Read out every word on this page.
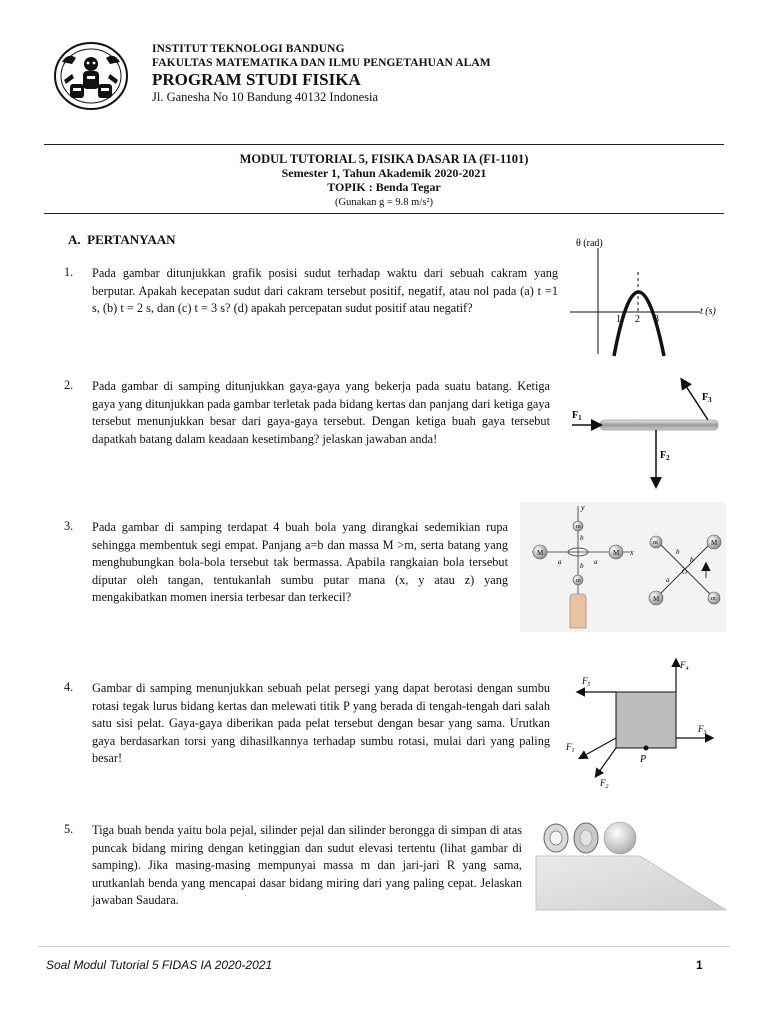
INSTITUT TEKNOLOGI BANDUNG
FAKULTAS MATEMATIKA DAN ILMU PENGETAHUAN ALAM
PROGRAM STUDI FISIKA
Jl. Ganesha No 10 Bandung 40132 Indonesia
MODUL TUTORIAL 5, FISIKA DASAR IA (FI-1101)
Semester 1, Tahun Akademik 2020-2021
TOPIK : Benda Tegar
(Gunakan g = 9.8 m/s²)
A. PERTANYAAN
1. Pada gambar ditunjukkan grafik posisi sudut terhadap waktu dari sebuah cakram yang berputar. Apakah kecepatan sudut dari cakram tersebut positif, negatif, atau nol pada (a) t =1 s, (b) t = 2 s, dan (c) t = 3 s? (d) apakah percepatan sudut positif atau negatif?
2. Pada gambar di samping ditunjukkan gaya-gaya yang bekerja pada suatu batang. Ketiga gaya yang ditunjukkan pada gambar terletak pada bidang kertas dan panjang dari ketiga gaya tersebut menunjukkan besar dari gaya-gaya tersebut. Dengan ketiga buah gaya tersebut dapatkah batang dalam keadaan kesetimbang? jelaskan jawaban anda!
3. Pada gambar di samping terdapat 4 buah bola yang dirangkai sedemikian rupa sehingga membentuk segi empat. Panjang a=b dan massa M >m, serta batang yang menghubungkan bola-bola tersebut tak bermassa. Apabila rangkaian bola tersebut diputar oleh tangan, tentukanlah sumbu putar mana (x, y atau z) yang mengakibatkan momen inersia terbesar dan terkecil?
4. Gambar di samping menunjukkan sebuah pelat persegi yang dapat berotasi dengan sumbu rotasi tegak lurus bidang kertas dan melewati titik P yang berada di tengah-tengah dari salah satu sisi pelat. Gaya-gaya diberikan pada pelat tersebut dengan besar yang sama. Urutkan gaya berdasarkan torsi yang dihasilkannya terhadap sumbu rotasi, mulai dari yang paling besar!
5. Tiga buah benda yaitu bola pejal, silinder pejal dan silinder berongga di simpan di atas puncak bidang miring dengan ketinggian dan sudut elevasi tertentu (lihat gambar di samping). Jika masing-masing mempunyai massa m dan jari-jari R yang sama, urutkanlah benda yang mencapai dasar bidang miring dari yang paling cepat. Jelaskan jawaban Saudara.
θ (rad)
t (s)
1 2 3
$F_1$
$F_2$
$F_3$
y
x
M	M
m
m
b
b
a	a
m
m
M
M
b
b
a
O
P
$F_5$
$F_4$
$F_3$
$F_1$
$F_2$
Soal Modul Tutorial 5 FIDAS IA 2020-2021	1
